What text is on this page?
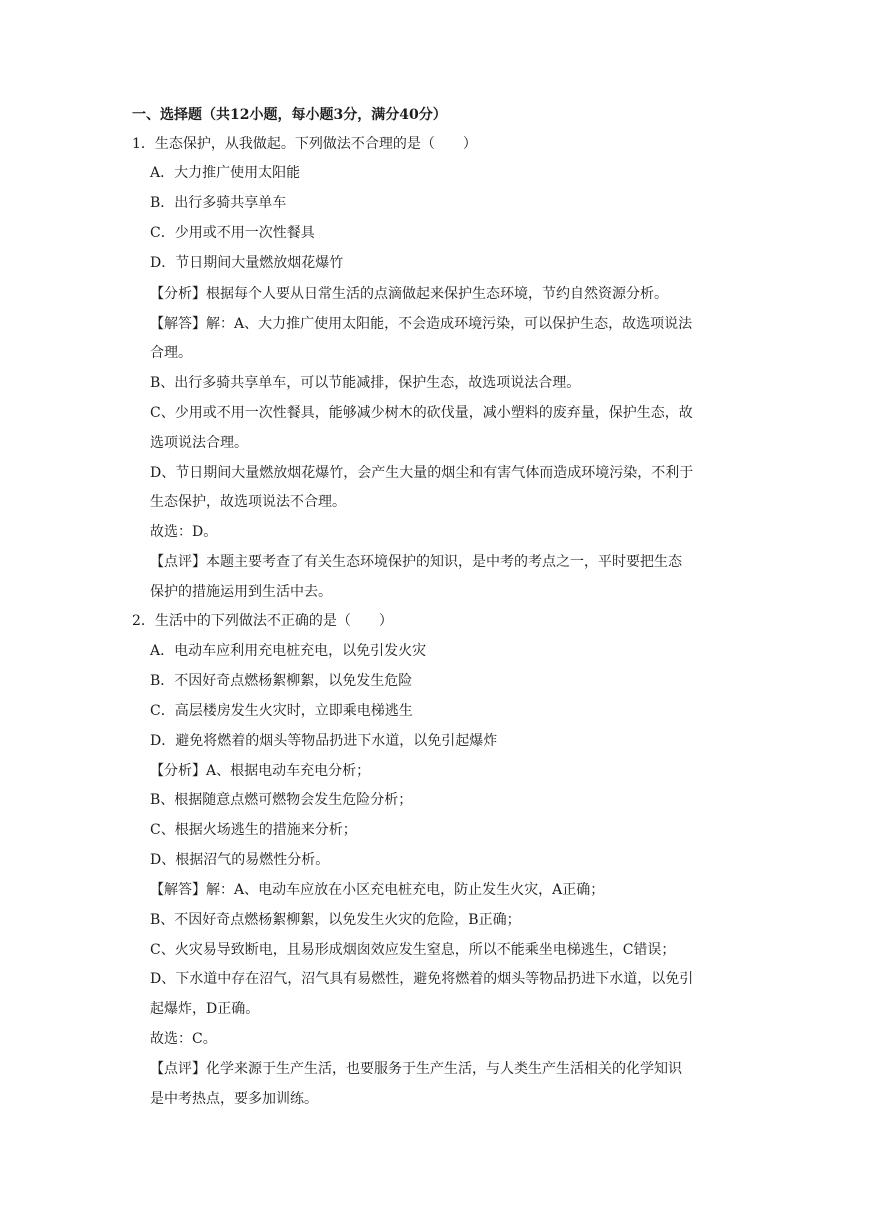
一、选择题（共12小题，每小题3分，满分40分）
1．生态保护，从我做起。下列做法不合理的是（　　）
A．大力推广使用太阳能
B．出行多骑共享单车
C．少用或不用一次性餐具
D．节日期间大量燃放烟花爆竹
【分析】根据每个人要从日常生活的点滴做起来保护生态环境，节约自然资源分析。
【解答】解：A、大力推广使用太阳能，不会造成环境污染，可以保护生态，故选项说法
合理。
B、出行多骑共享单车，可以节能减排，保护生态，故选项说法合理。
C、少用或不用一次性餐具，能够减少树木的砍伐量，减小塑料的废弃量，保护生态，故
选项说法合理。
D、节日期间大量燃放烟花爆竹，会产生大量的烟尘和有害气体而造成环境污染，不利于
生态保护，故选项说法不合理。
故选：D。
【点评】本题主要考查了有关生态环境保护的知识，是中考的考点之一，平时要把生态
保护的措施运用到生活中去。
2．生活中的下列做法不正确的是（　　）
A．电动车应利用充电桩充电，以免引发火灾
B．不因好奇点燃杨絮柳絮，以免发生危险
C．高层楼房发生火灾时，立即乘电梯逃生
D．避免将燃着的烟头等物品扔进下水道，以免引起爆炸
【分析】A、根据电动车充电分析；
B、根据随意点燃可燃物会发生危险分析；
C、根据火场逃生的措施来分析；
D、根据沼气的易燃性分析。
【解答】解：A、电动车应放在小区充电桩充电，防止发生火灾，A正确；
B、不因好奇点燃杨絮柳絮，以免发生火灾的危险，B正确；
C、火灾易导致断电，且易形成烟囱效应发生窒息，所以不能乘坐电梯逃生，C错误；
D、下水道中存在沼气，沼气具有易燃性，避免将燃着的烟头等物品扔进下水道，以免引
起爆炸，D正确。
故选：C。
【点评】化学来源于生产生活，也要服务于生产生活，与人类生产生活相关的化学知识
是中考热点，要多加训练。
